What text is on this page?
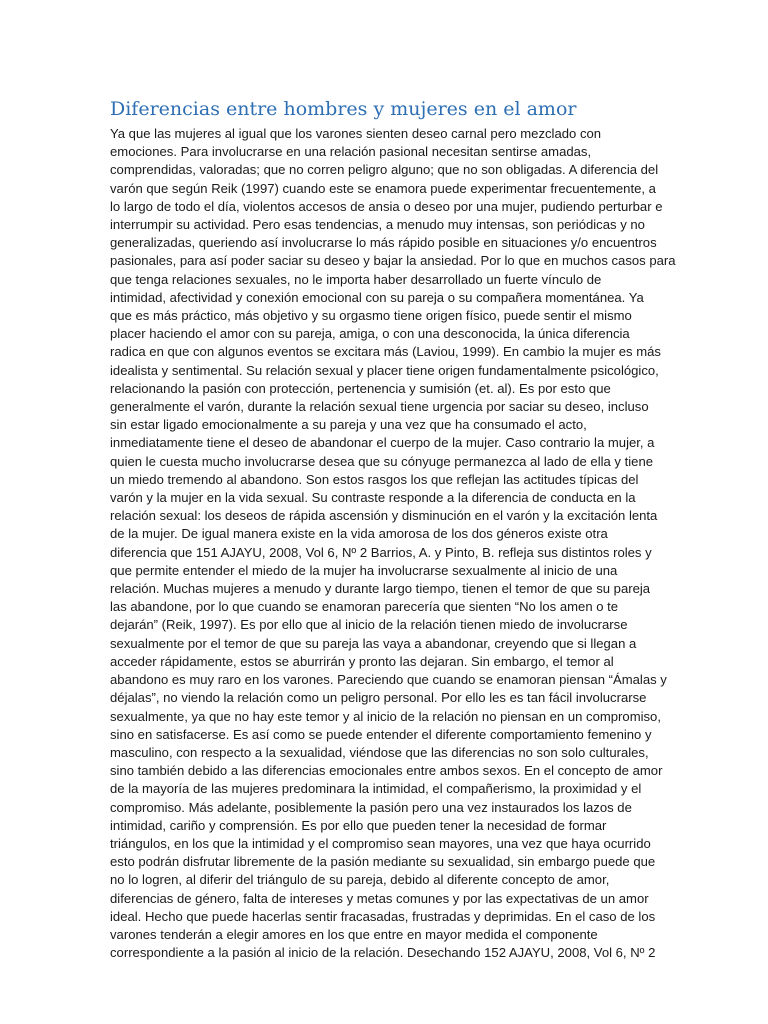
Diferencias entre hombres y mujeres en el amor
Ya que las mujeres al igual que los varones sienten deseo carnal pero mezclado con
emociones. Para involucrarse en una relación pasional necesitan sentirse amadas,
comprendidas, valoradas; que no corren peligro alguno; que no son obligadas. A diferencia del
varón que según Reik (1997) cuando este se enamora puede experimentar frecuentemente, a
lo largo de todo el día, violentos accesos de ansia o deseo por una mujer, pudiendo perturbar e
interrumpir su actividad. Pero esas tendencias, a menudo muy intensas, son periódicas y no
generalizadas, queriendo así involucrarse lo más rápido posible en situaciones y/o encuentros
pasionales, para así poder saciar su deseo y bajar la ansiedad. Por lo que en muchos casos para
que tenga relaciones sexuales, no le importa haber desarrollado un fuerte vínculo de
intimidad, afectividad y conexión emocional con su pareja o su compañera momentánea. Ya
que es más práctico, más objetivo y su orgasmo tiene origen físico, puede sentir el mismo
placer haciendo el amor con su pareja, amiga, o con una desconocida, la única diferencia
radica en que con algunos eventos se excitara más (Laviou, 1999). En cambio la mujer es más
idealista y sentimental. Su relación sexual y placer tiene origen fundamentalmente psicológico,
relacionando la pasión con protección, pertenencia y sumisión (et. al). Es por esto que
generalmente el varón, durante la relación sexual tiene urgencia por saciar su deseo, incluso
sin estar ligado emocionalmente a su pareja y una vez que ha consumado el acto,
inmediatamente tiene el deseo de abandonar el cuerpo de la mujer. Caso contrario la mujer, a
quien le cuesta mucho involucrarse desea que su cónyuge permanezca al lado de ella y tiene
un miedo tremendo al abandono. Son estos rasgos los que reflejan las actitudes típicas del
varón y la mujer en la vida sexual. Su contraste responde a la diferencia de conducta en la
relación sexual: los deseos de rápida ascensión y disminución en el varón y la excitación lenta
de la mujer. De igual manera existe en la vida amorosa de los dos géneros existe otra
diferencia que 151 AJAYU, 2008, Vol 6, Nº 2 Barrios, A. y Pinto, B. refleja sus distintos roles y
que permite entender el miedo de la mujer ha involucrarse sexualmente al inicio de una
relación. Muchas mujeres a menudo y durante largo tiempo, tienen el temor de que su pareja
las abandone, por lo que cuando se enamoran parecería que sienten “No los amen o te
dejarán” (Reik, 1997). Es por ello que al inicio de la relación tienen miedo de involucrarse
sexualmente por el temor de que su pareja las vaya a abandonar, creyendo que si llegan a
acceder rápidamente, estos se aburrirán y pronto las dejaran. Sin embargo, el temor al
abandono es muy raro en los varones. Pareciendo que cuando se enamoran piensan “Ámalas y
déjalas”, no viendo la relación como un peligro personal. Por ello les es tan fácil involucrarse
sexualmente, ya que no hay este temor y al inicio de la relación no piensan en un compromiso,
sino en satisfacerse. Es así como se puede entender el diferente comportamiento femenino y
masculino, con respecto a la sexualidad, viéndose que las diferencias no son solo culturales,
sino también debido a las diferencias emocionales entre ambos sexos. En el concepto de amor
de la mayoría de las mujeres predominara la intimidad, el compañerismo, la proximidad y el
compromiso. Más adelante, posiblemente la pasión pero una vez instaurados los lazos de
intimidad, cariño y comprensión. Es por ello que pueden tener la necesidad de formar
triángulos, en los que la intimidad y el compromiso sean mayores, una vez que haya ocurrido
esto podrán disfrutar libremente de la pasión mediante su sexualidad, sin embargo puede que
no lo logren, al diferir del triángulo de su pareja, debido al diferente concepto de amor,
diferencias de género, falta de intereses y metas comunes y por las expectativas de un amor
ideal. Hecho que puede hacerlas sentir fracasadas, frustradas y deprimidas. En el caso de los
varones tenderán a elegir amores en los que entre en mayor medida el componente
correspondiente a la pasión al inicio de la relación. Desechando 152 AJAYU, 2008, Vol 6, Nº 2
